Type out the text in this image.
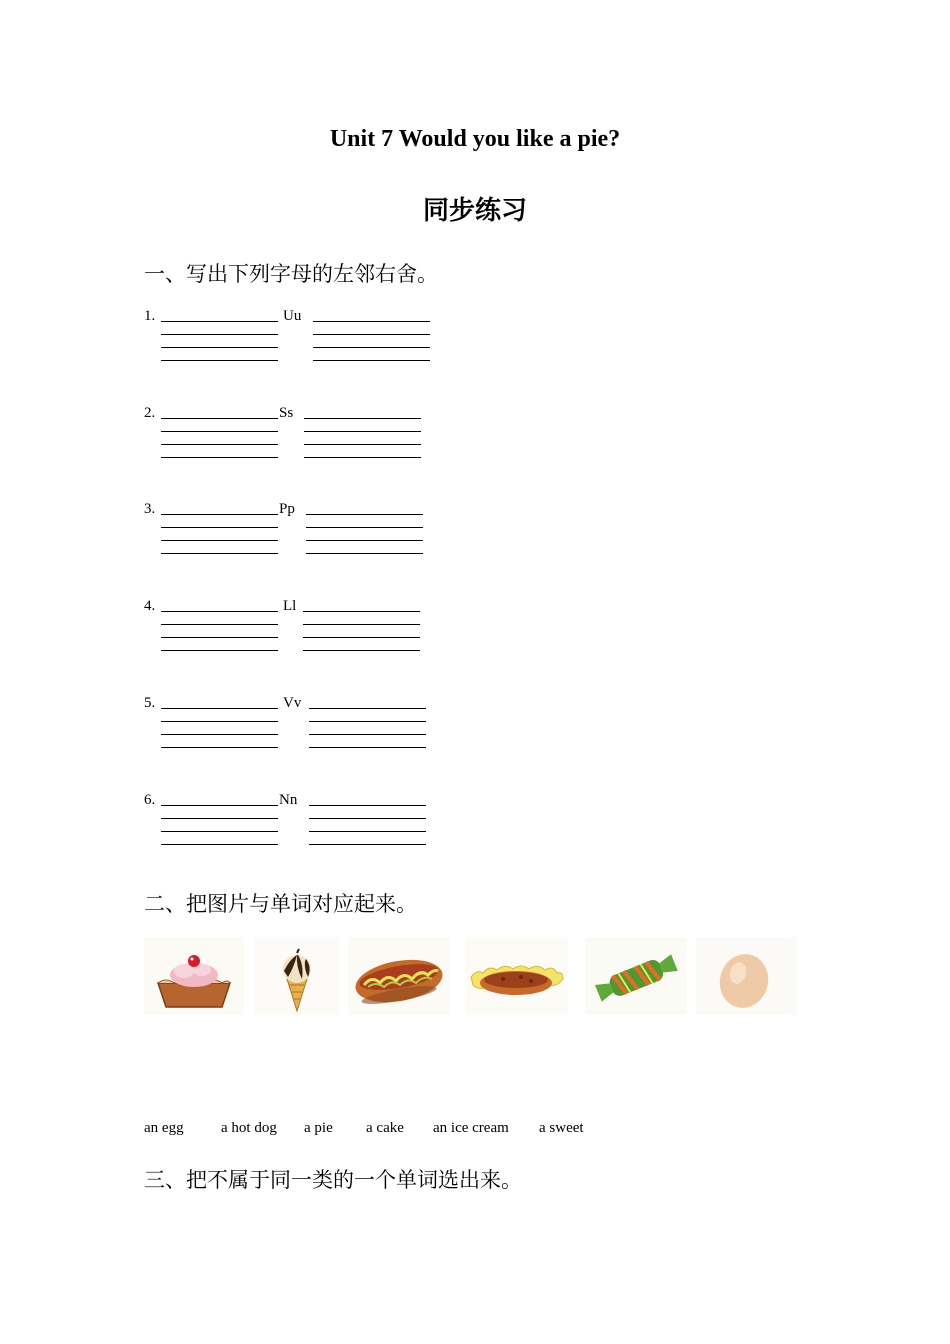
Unit 7 Would you like a pie?
同步练习
一、写出下列字母的左邻右舍。
1.	Uu
2.	Ss
3.	Pp
4.	Ll
5.	Vv
6.	Nn
二、把图片与单词对应起来。
an egg a hot dog a pie a cake an ice cream a sweet
三、把不属于同一类的一个单词选出来。
